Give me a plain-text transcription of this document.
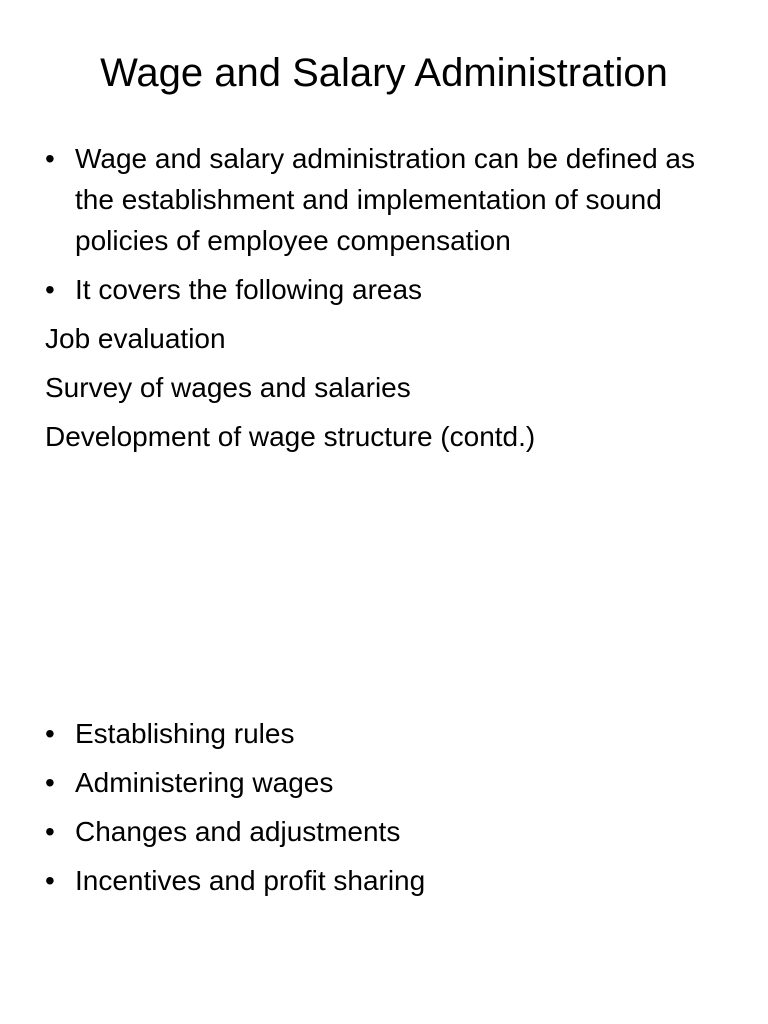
Wage and Salary Administration
• Wage and salary administration can be defined as the establishment and implementation of sound policies of employee compensation
• It covers the following areas
Job evaluation
Survey of wages and salaries
Development of wage structure (contd.)
• Establishing rules
• Administering wages
• Changes and adjustments
• Incentives and profit sharing
